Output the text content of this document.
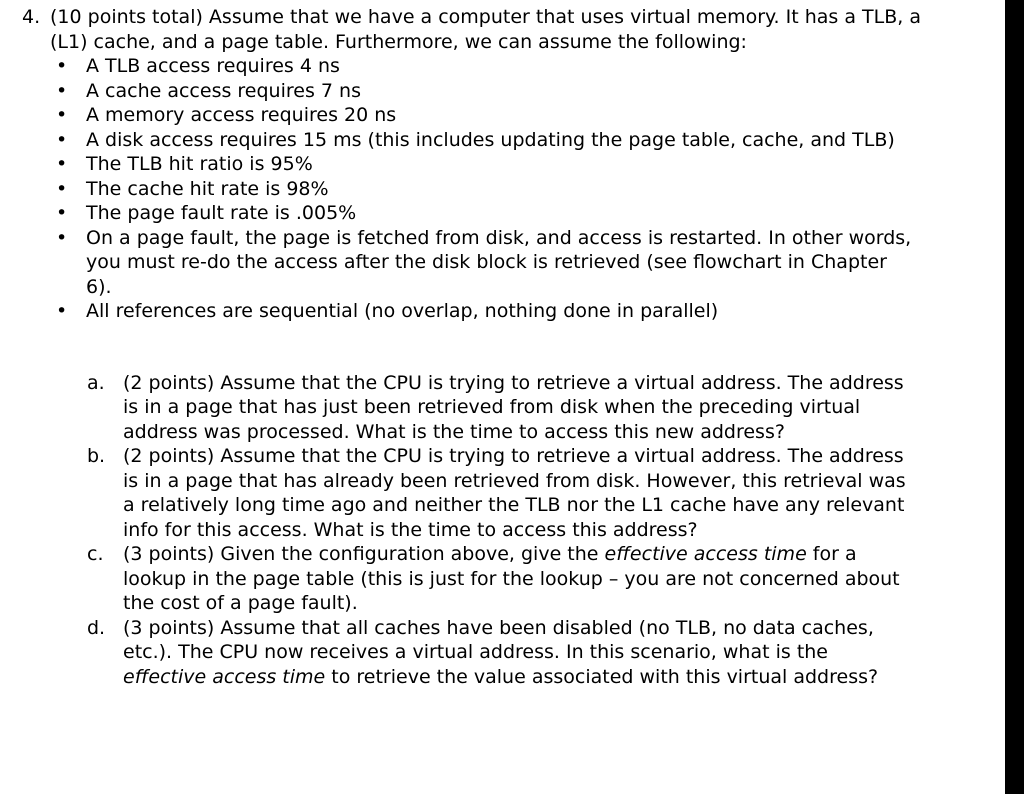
4. (10 points total) Assume that we have a computer that uses virtual memory. It has a TLB, a (L1) cache, and a page table. Furthermore, we can assume the following:
• A TLB access requires 4 ns
• A cache access requires 7 ns
• A memory access requires 20 ns
• A disk access requires 15 ms (this includes updating the page table, cache, and TLB)
• The TLB hit ratio is 95%
• The cache hit rate is 98%
• The page fault rate is .005%
• On a page fault, the page is fetched from disk, and access is restarted. In other words, you must re-do the access after the disk block is retrieved (see flowchart in Chapter 6).
• All references are sequential (no overlap, nothing done in parallel)
a. (2 points) Assume that the CPU is trying to retrieve a virtual address. The address is in a page that has just been retrieved from disk when the preceding virtual address was processed. What is the time to access this new address?
b. (2 points) Assume that the CPU is trying to retrieve a virtual address. The address is in a page that has already been retrieved from disk. However, this retrieval was a relatively long time ago and neither the TLB nor the L1 cache have any relevant info for this access. What is the time to access this address?
c. (3 points) Given the configuration above, give the effective access time for a lookup in the page table (this is just for the lookup – you are not concerned about the cost of a page fault).
d. (3 points) Assume that all caches have been disabled (no TLB, no data caches, etc.). The CPU now receives a virtual address. In this scenario, what is the effective access time to retrieve the value associated with this virtual address?
